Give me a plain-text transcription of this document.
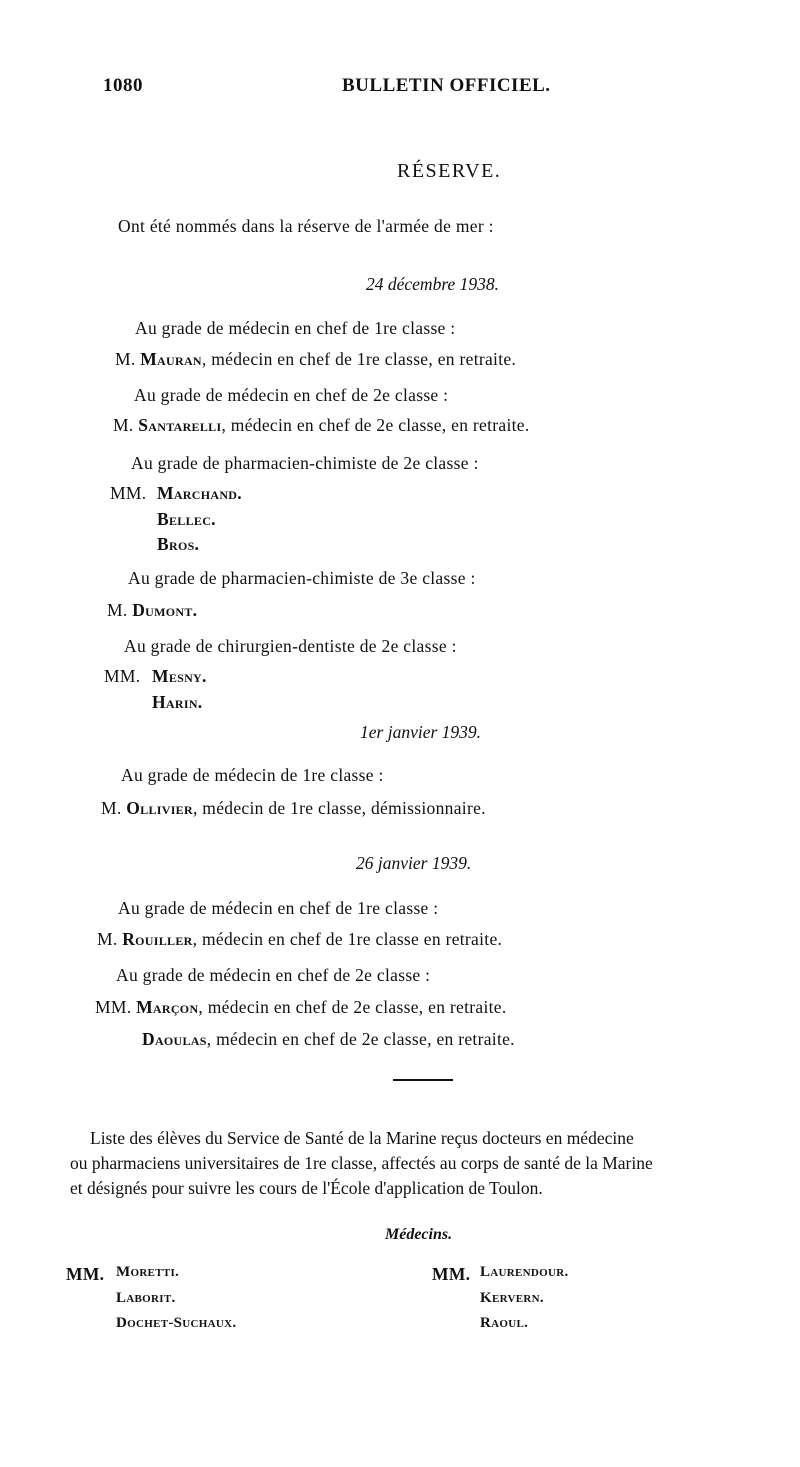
1080	BULLETIN OFFICIEL.
RÉSERVE.
Ont été nommés dans la réserve de l'armée de mer :
24 décembre 1938.
Au grade de médecin en chef de 1re classe :
M. Mauran, médecin en chef de 1re classe, en retraite.
Au grade de médecin en chef de 2e classe :
M. Santarelli, médecin en chef de 2e classe, en retraite.
Au grade de pharmacien-chimiste de 2e classe :
MM. Marchand.
Bellec.
Bros.
Au grade de pharmacien-chimiste de 3e classe :
M. Dumont.
Au grade de chirurgien-dentiste de 2e classe :
MM. Mesny.
Harin.
1er janvier 1939.
Au grade de médecin de 1re classe :
M. Ollivier, médecin de 1re classe, démissionnaire.
26 janvier 1939.
Au grade de médecin en chef de 1re classe :
M. Rouiller, médecin en chef de 1re classe en retraite.
Au grade de médecin en chef de 2e classe :
MM. Marçon, médecin en chef de 2e classe, en retraite.
Daoulas, médecin en chef de 2e classe, en retraite.
Liste des élèves du Service de Santé de la Marine reçus docteurs en médecine
ou pharmaciens universitaires de 1re classe, affectés au corps de santé de la Marine
et désignés pour suivre les cours de l'École d'application de Toulon.
Médecins.
MM. Moretti.
Laborit.
Dochet-Suchaux.
MM. Laurendour.
Kervern.
Raoul.
